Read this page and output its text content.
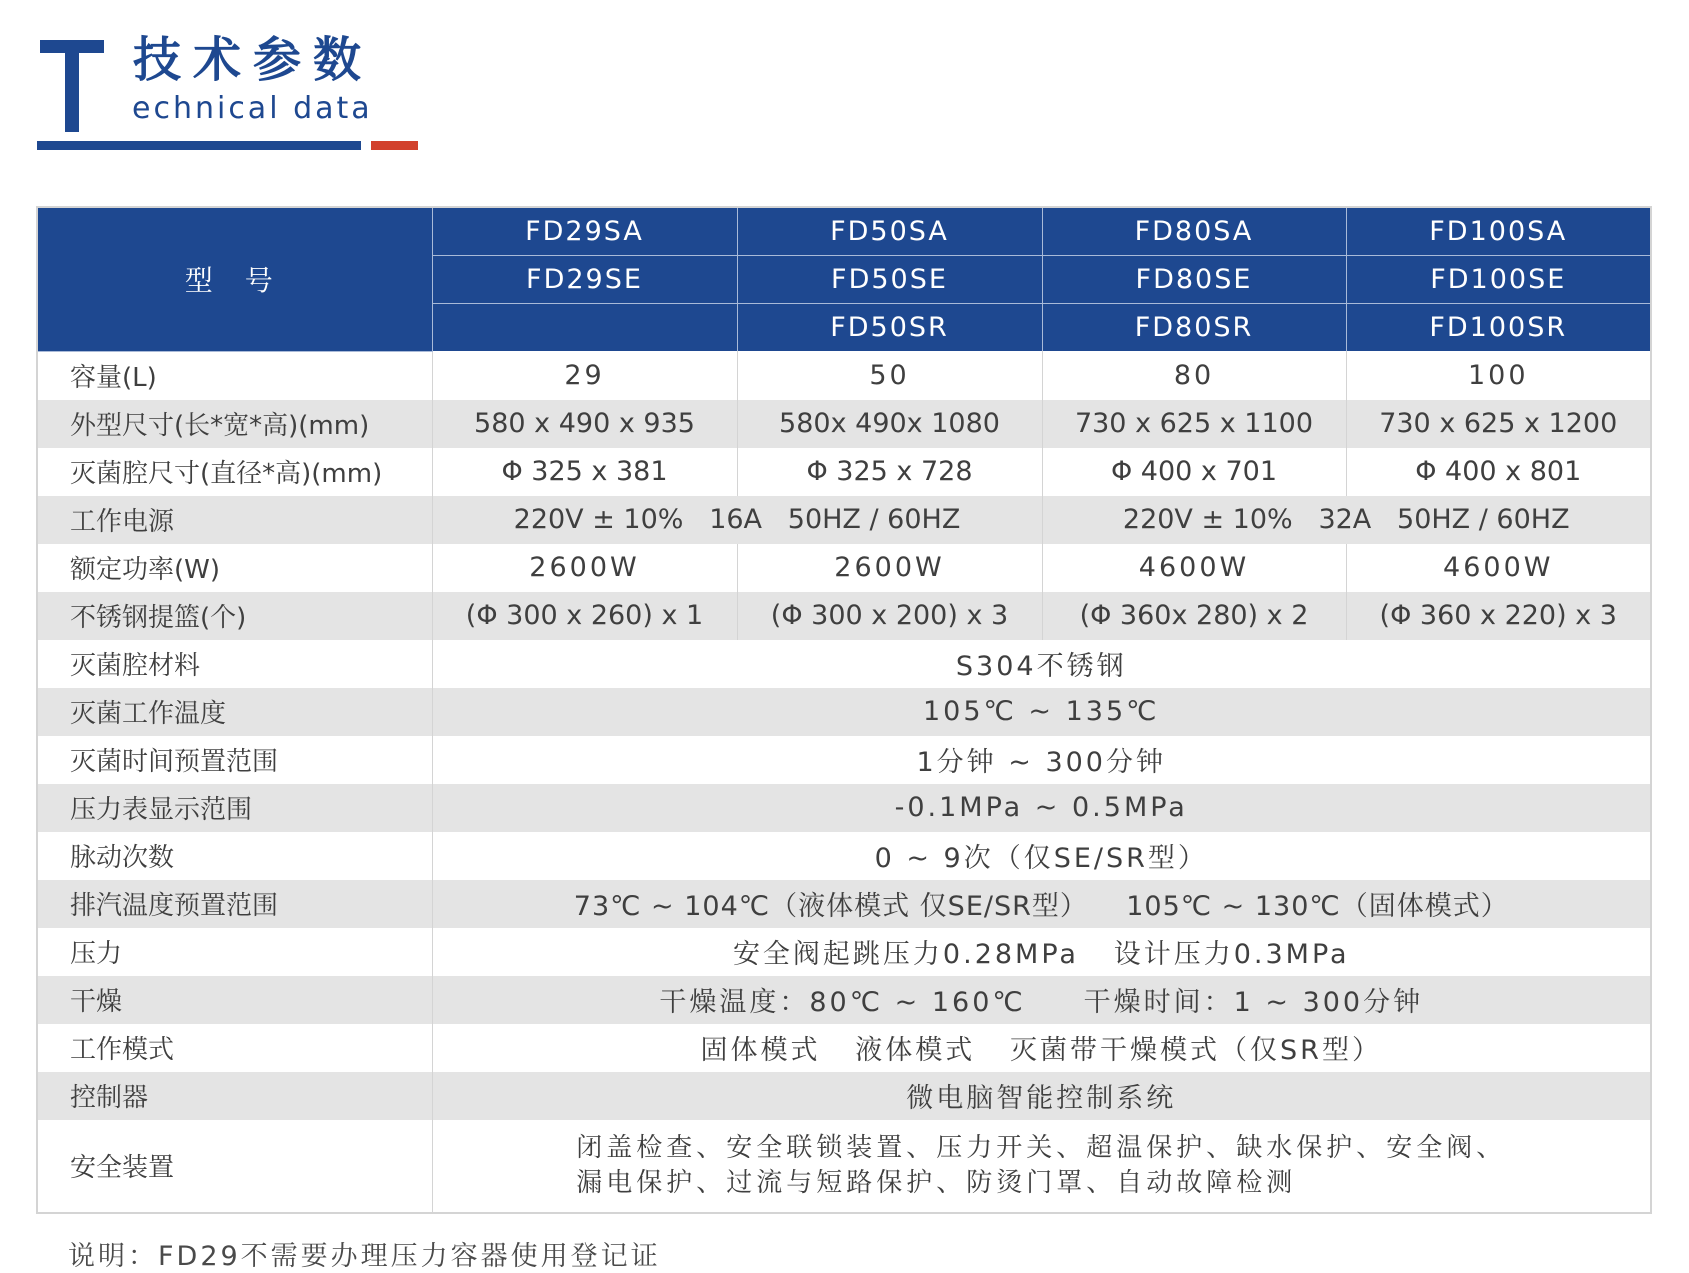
技术参数
echnical data
型号	FD29SA	FD50SA	FD80SA	FD100SA
	FD29SE	FD50SE	FD80SE	FD100SE
		FD50SR	FD80SR	FD100SR
容量(L)	29	50	80	100
外型尺寸(长*宽*高)(mm)	580 x 490 x 935	580x 490x 1080	730 x 625 x 1100	730 x 625 x 1200
灭菌腔尺寸(直径*高)(mm)	Φ 325 x 381	Φ 325 x 728	Φ 400 x 701	Φ 400 x 801
工作电源	220V ± 10%   16A   50HZ / 60HZ		220V ± 10%   32A   50HZ / 60HZ	
额定功率(W)	2600W	2600W	4600W	4600W
不锈钢提篮(个)	(Φ 300 x 260) x 1	(Φ 300 x 200) x 3	(Φ 360x 280) x 2	(Φ 360 x 220) x 3
灭菌腔材料	S304不锈钢			
灭菌工作温度	105℃ ~ 135℃			
灭菌时间预置范围	1分钟 ~ 300分钟			
压力表显示范围	-0.1MPa ~ 0.5MPa			
脉动次数	0 ~ 9次（仅SE/SR型）			
排汽温度预置范围	73℃ ~ 104℃（液体模式 仅SE/SR型）    105℃ ~ 130℃（固体模式）			
压力	安全阀起跳压力0.28MPa   设计压力0.3MPa			
干燥	干燥温度：80℃ ~ 160℃     干燥时间：1 ~ 300分钟			
工作模式	固体模式   液体模式   灭菌带干燥模式（仅SR型）			
控制器	微电脑智能控制系统			
安全装置	闭盖检查、安全联锁装置、压力开关、超温保护、缺水保护、安全阀、
漏电保护、过流与短路保护、防烫门罩、自动故障检测			
说明：FD29不需要办理压力容器使用登记证
